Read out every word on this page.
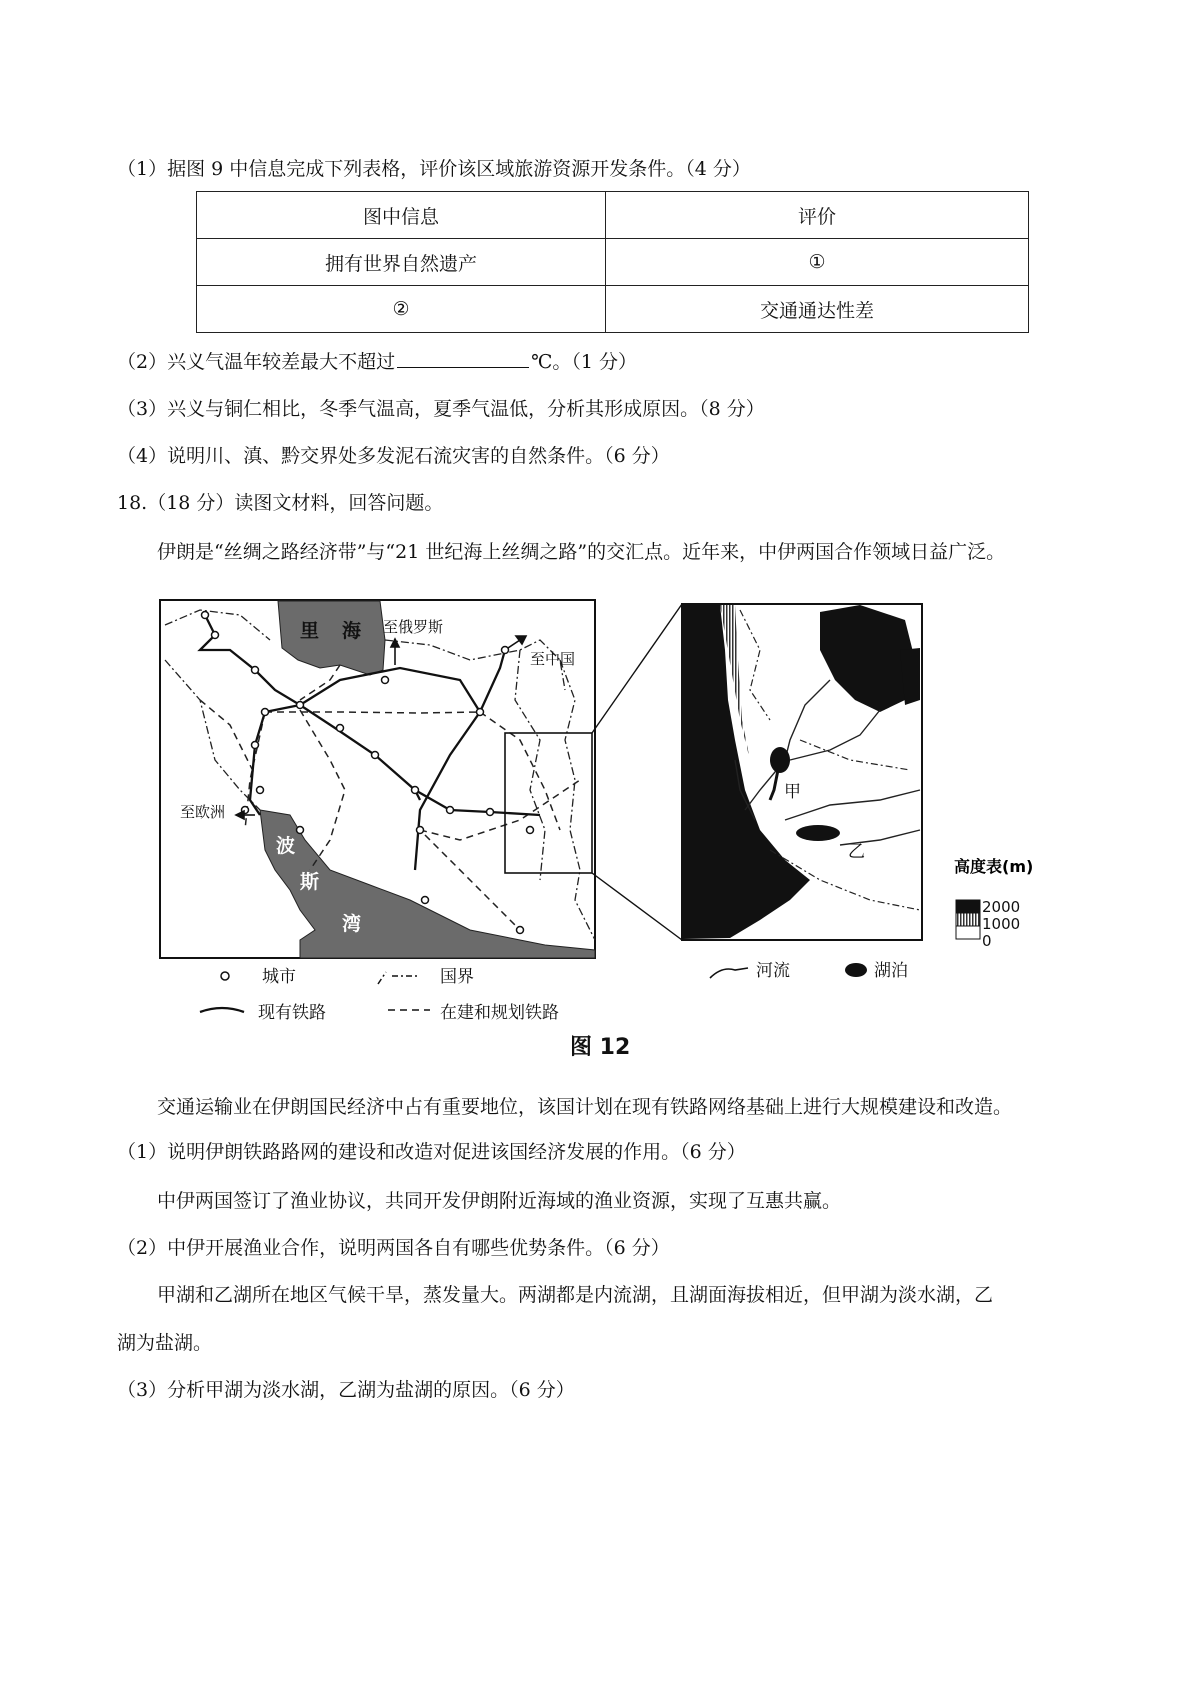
（1）据图 9 中信息完成下列表格，评价该区域旅游资源开发条件。（4 分）
图中信息	评价
拥有世界自然遗产	①
②	交通通达性差
（2）兴义气温年较差最大不超过	℃。（1 分）
（3）兴义与铜仁相比，冬季气温高，夏季气温低，分析其形成原因。（8 分）
（4）说明川、滇、黔交界处多发泥石流灾害的自然条件。（6 分）
18.（18 分）读图文材料，回答问题。
伊朗是“丝绸之路经济带”与“21 世纪海上丝绸之路”的交汇点。近年来，中伊两国合作领域日益广泛。
里 海 至俄罗斯
至中国
至欧洲
波
斯
湾
甲
乙
高度表(m)
2000
1000
0
城市	国界
现有铁路	在建和规划铁路
河流	湖泊
图 12
交通运输业在伊朗国民经济中占有重要地位，该国计划在现有铁路网络基础上进行大规模建设和改造。
（1）说明伊朗铁路路网的建设和改造对促进该国经济发展的作用。（6 分）
中伊两国签订了渔业协议，共同开发伊朗附近海域的渔业资源，实现了互惠共赢。
（2）中伊开展渔业合作，说明两国各自有哪些优势条件。（6 分）
甲湖和乙湖所在地区气候干旱，蒸发量大。两湖都是内流湖，且湖面海拔相近，但甲湖为淡水湖，乙
湖为盐湖。
（3）分析甲湖为淡水湖，乙湖为盐湖的原因。（6 分）
